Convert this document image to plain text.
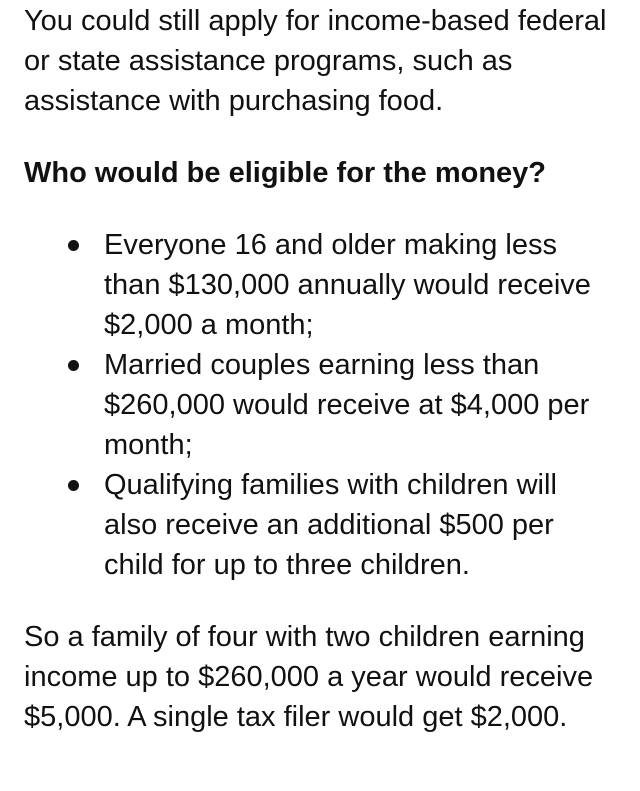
You could still apply for income-based federal or state assistance programs, such as assistance with purchasing food.

Who would be eligible for the money?

Everyone 16 and older making less than $130,000 annually would receive $2,000 a month;
Married couples earning less than $260,000 would receive at $4,000 per month;
Qualifying families with children will also receive an additional $500 per child for up to three children.

So a family of four with two children earning income up to $260,000 a year would receive $5,000. A single tax filer would get $2,000.
